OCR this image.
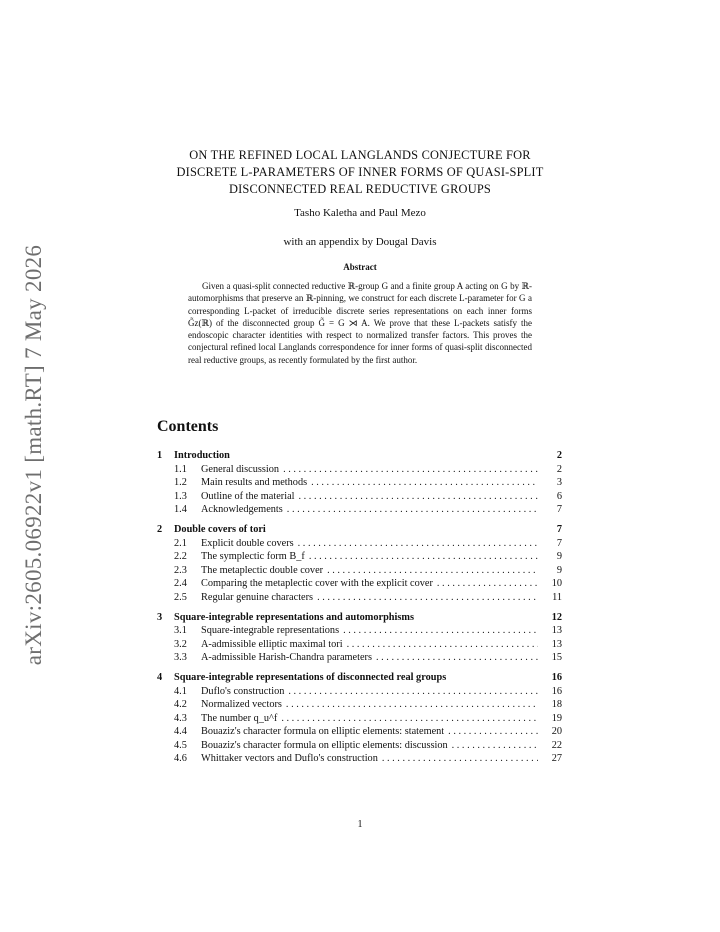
arXiv:2605.06922v1 [math.RT] 7 May 2026
ON THE REFINED LOCAL LANGLANDS CONJECTURE FOR
DISCRETE L-PARAMETERS OF INNER FORMS OF QUASI-SPLIT
DISCONNECTED REAL REDUCTIVE GROUPS
Tasho Kaletha and Paul Mezo
with an appendix by Dougal Davis
Abstract
Given a quasi-split connected reductive ℝ-group G and a finite group A acting on G by ℝ-automorphisms that preserve an ℝ-pinning, we construct for each discrete L-parameter for G a corresponding L-packet of irreducible discrete series representations on each inner forms G̃z(ℝ) of the disconnected group G̃ = G ⋊ A. We prove that these L-packets satisfy the endoscopic character identities with respect to normalized transfer factors. This proves the conjectural refined local Langlands correspondence for inner forms of quasi-split disconnected real reductive groups, as recently formulated by the first author.
Contents
1	Introduction	2
1.1	General discussion . . .	2
1.2	Main results and methods . . .	3
1.3	Outline of the material . . .	6
1.4	Acknowledgements . . .	7
2	Double covers of tori	7
2.1	Explicit double covers . . .	7
2.2	The symplectic form B_f . . .	9
2.3	The metaplectic double cover . . .	9
2.4	Comparing the metaplectic cover with the explicit cover . . .	10
2.5	Regular genuine characters . . .	11
3	Square-integrable representations and automorphisms	12
3.1	Square-integrable representations . . .	13
3.2	A-admissible elliptic maximal tori . . .	13
3.3	A-admissible Harish-Chandra parameters . . .	15
4	Square-integrable representations of disconnected real groups	16
4.1	Duflo's construction . . .	16
4.2	Normalized vectors . . .	18
4.3	The number q_u^f . . .	19
4.4	Bouaziz's character formula on elliptic elements: statement . . .	20
4.5	Bouaziz's character formula on elliptic elements: discussion . . .	22
4.6	Whittaker vectors and Duflo's construction . . .	27
1
